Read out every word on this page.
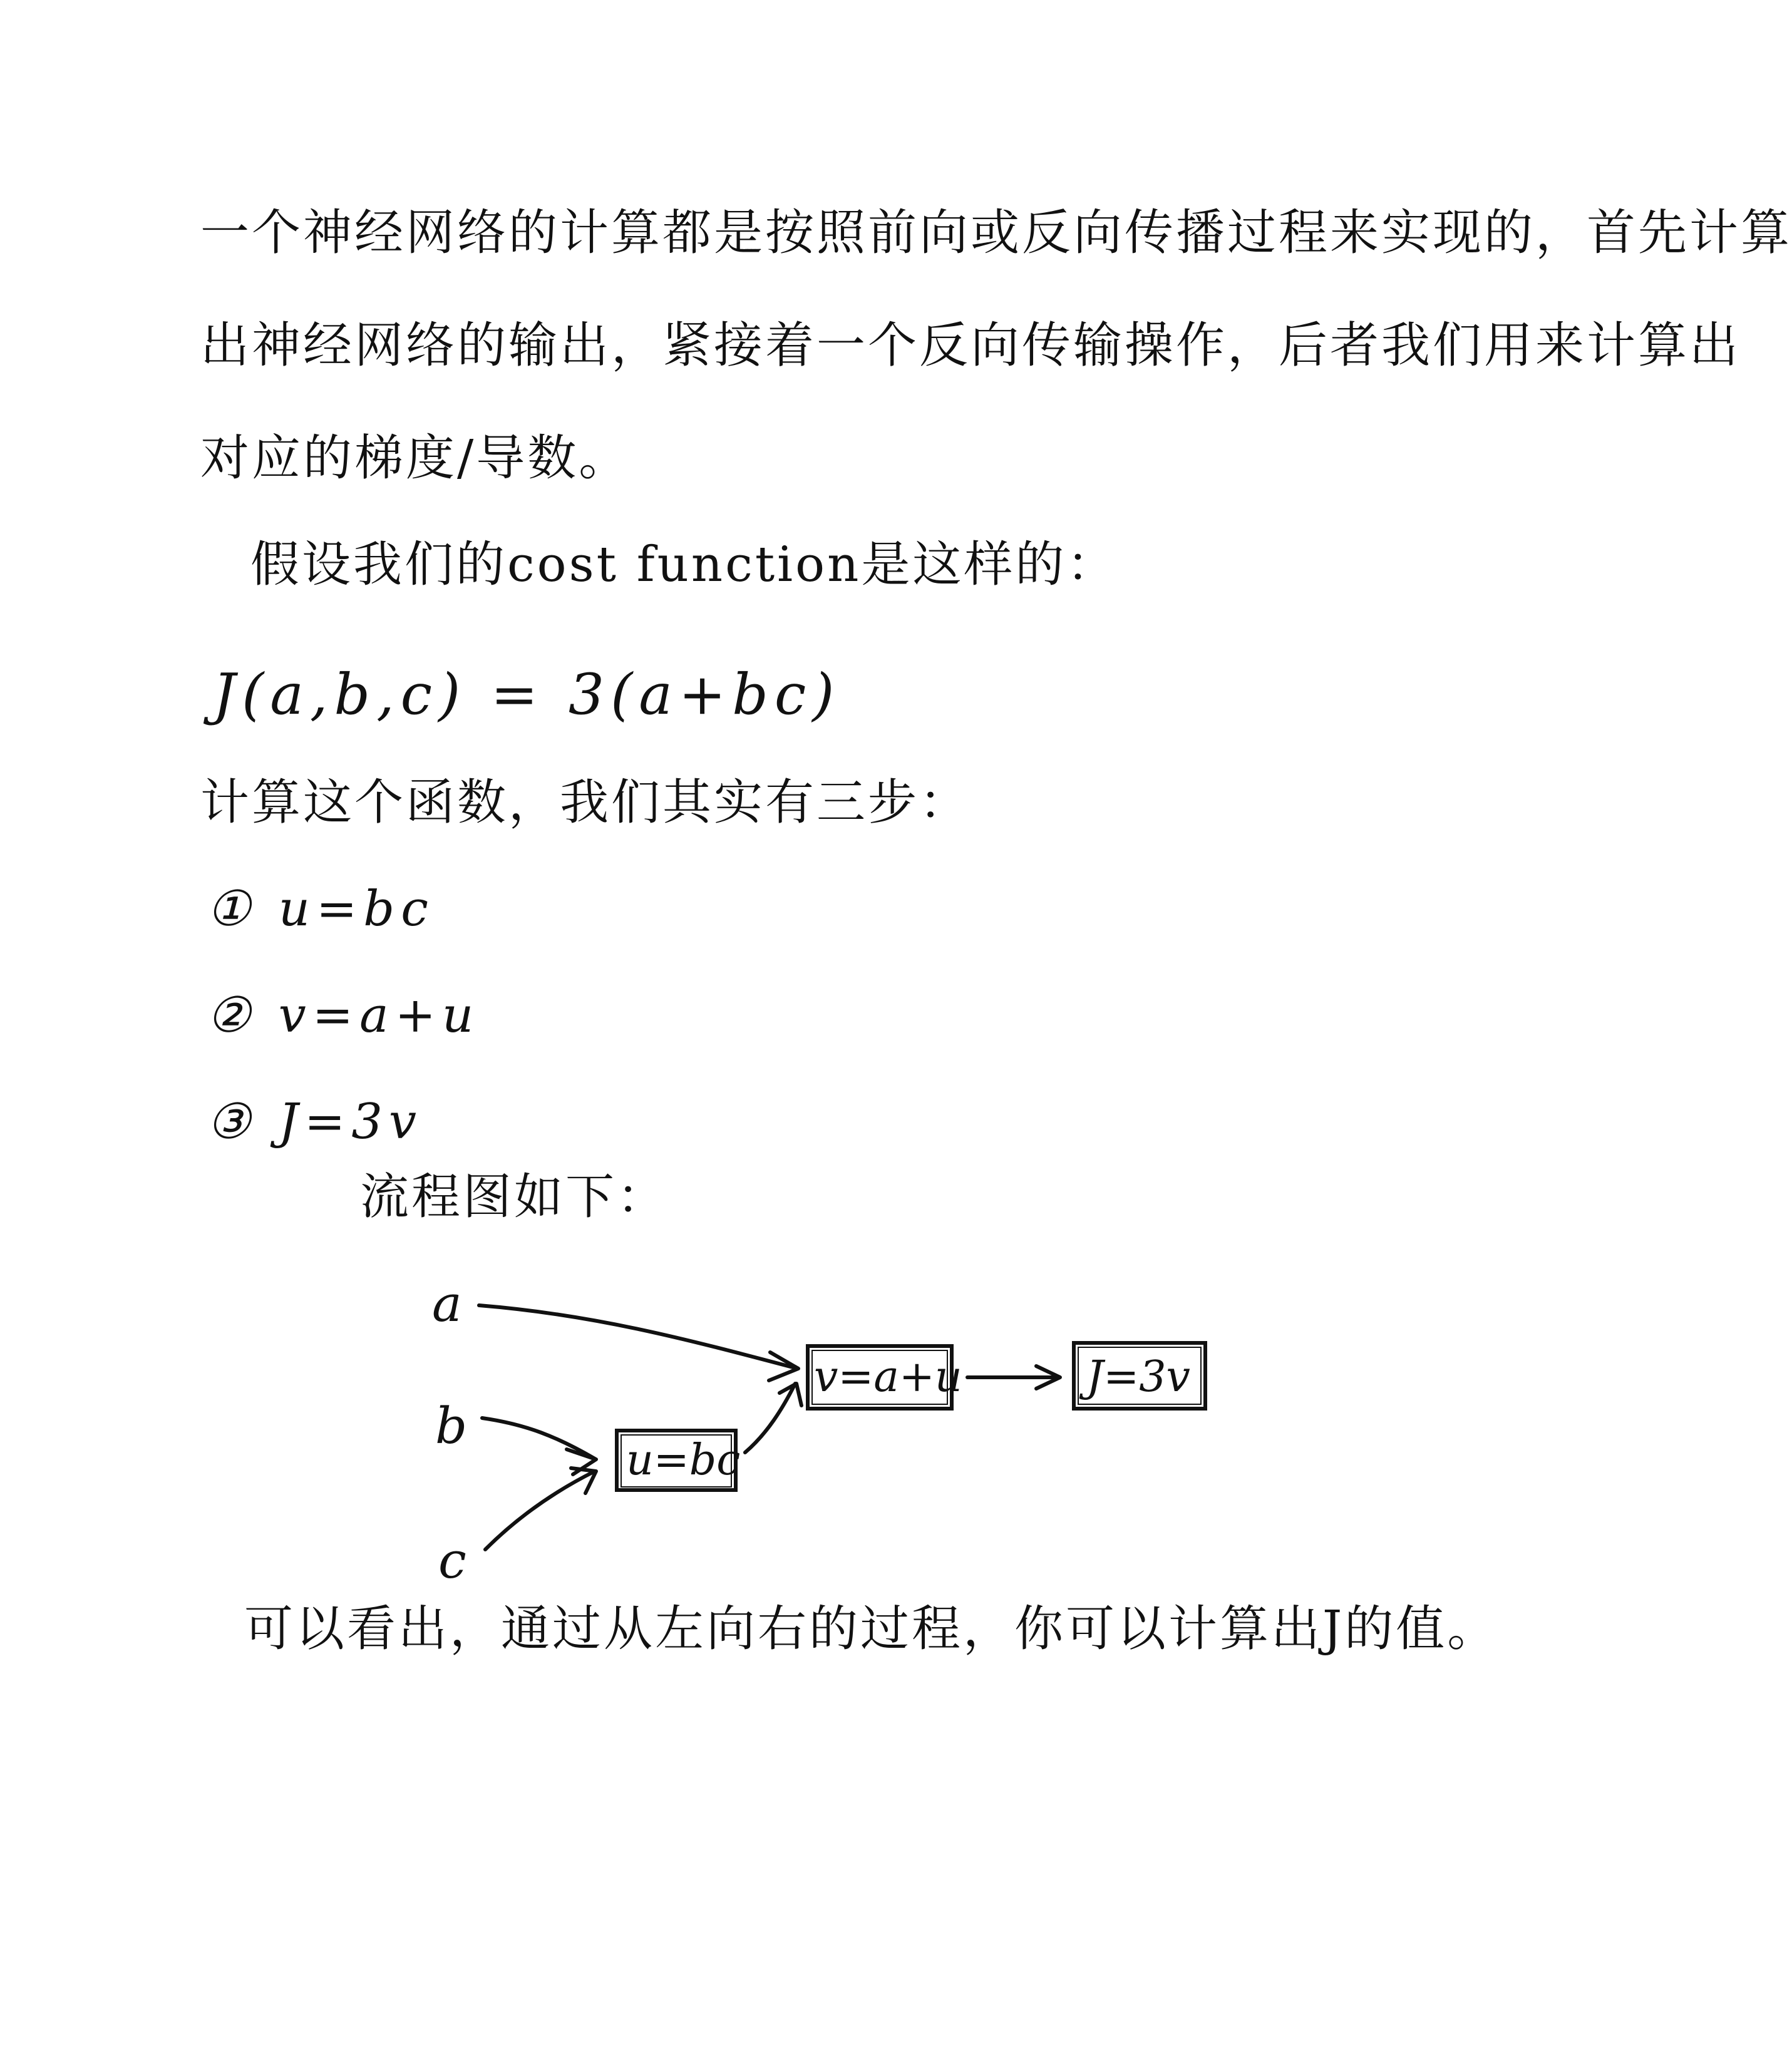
一个神经网络的计算都是按照前向或反向传播过程来实现的，首先计算
出神经网络的输出，紧接着一个反向传输操作，后者我们用来计算出
对应的梯度/导数。
假设我们的cost function是这样的：
J(a,b,c) = 3(a+bc)
计算这个函数，我们其实有三步：
① u=bc
② v=a+u
③ J=3v
流程图如下：
a
b
c
u=bc
v=a+u	J=3v
可以看出，通过从左向右的过程，你可以计算出J的值。
